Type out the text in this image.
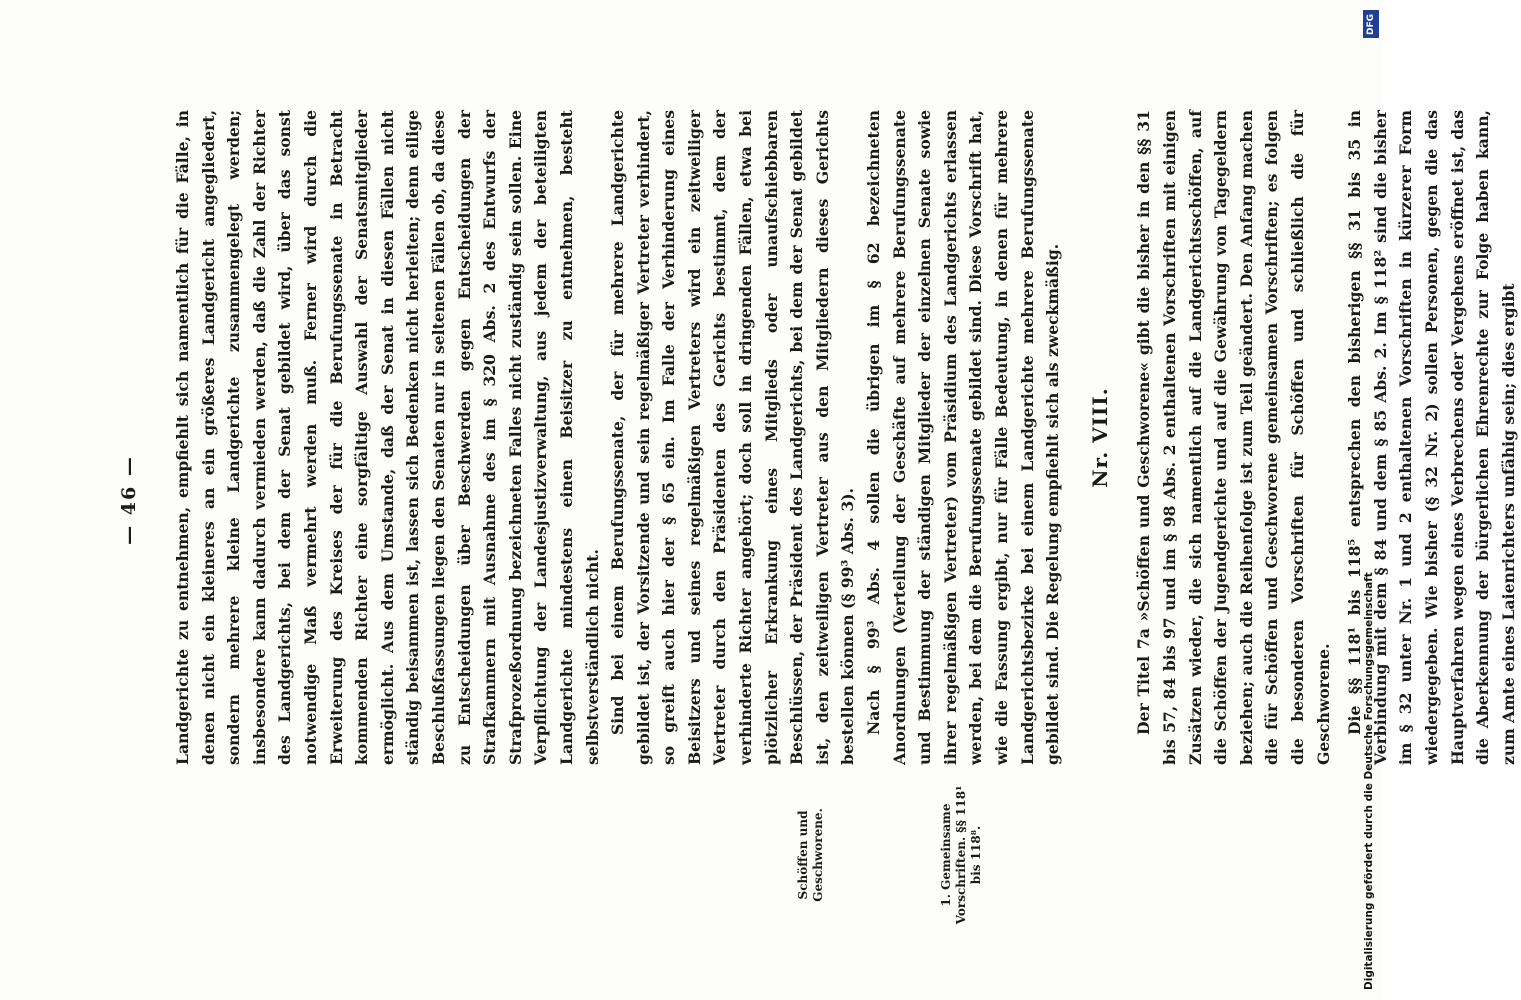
— 46 —
Schöffen und Geschworene.	1. Gemeinsame Vorschriften. §§ 118¹ bis 118⁸.

Landgerichte zu entnehmen, empfiehlt sich namentlich für die Fälle, in denen nicht ein kleineres an ein größeres Landgericht angegliedert, sondern mehrere kleine Landgerichte zusammengelegt werden; insbesondere kann dadurch vermieden werden, daß die Zahl der Richter des Landgerichts, bei dem der Senat gebildet wird, über das sonst notwendige Maß vermehrt werden muß. Ferner wird durch die Erweiterung des Kreises der für die Berufungssenate in Betracht kommenden Richter eine sorgfältige Auswahl der Senatsmitglieder ermöglicht. Aus dem Umstande, daß der Senat in diesen Fällen nicht ständig beisammen ist, lassen sich Bedenken nicht herleiten; denn eilige Beschlußfassungen liegen den Senaten nur in seltenen Fällen ob, da diese zu Entscheidungen über Beschwerden gegen Entscheidungen der Strafkammern mit Ausnahme des im § 320 Abs. 2 des Entwurfs der Strafprozeßordnung bezeichneten Falles nicht zuständig sein sollen. Eine Verpflichtung der Landesjustizverwaltung, aus jedem der beteiligten Landgerichte mindestens einen Beisitzer zu entnehmen, besteht selbstverständlich nicht. Sind bei einem Berufungssenate, der für mehrere Landgerichte gebildet ist, der Vorsitzende und sein regelmäßiger Vertreter verhindert, so greift auch hier der § 65 ein. Im Falle der Verhinderung eines Beisitzers und seines regelmäßigen Vertreters wird ein zeitweiliger Vertreter durch den Präsidenten des Gerichts bestimmt, dem der verhinderte Richter angehört; doch soll in dringenden Fällen, etwa bei plötzlicher Erkrankung eines Mitglieds oder unaufschiebbaren Beschlüssen, der Präsident des Landgerichts, bei dem der Senat gebildet ist, den zeitweiligen Vertreter aus den Mitgliedern dieses Gerichts bestellen können (§ 99³ Abs. 3). Nach § 99³ Abs. 4 sollen die übrigen im § 62 bezeichneten Anordnungen (Verteilung der Geschäfte auf mehrere Berufungssenate und Bestimmung der ständigen Mitglieder der einzelnen Senate sowie ihrer regelmäßigen Vertreter) vom Präsidium des Landgerichts erlassen werden, bei dem die Berufungssenate gebildet sind. Diese Vorschrift hat, wie die Fassung ergibt, nur für Fälle Bedeutung, in denen für mehrere Landgerichtsbezirke bei einem Landgerichte mehrere Berufungssenate gebildet sind. Die Regelung empfiehlt sich als zweckmäßig. Nr. VIII. Der Titel 7a »Schöffen und Geschworene« gibt die bisher in den §§ 31 bis 57, 84 bis 97 und im § 98 Abs. 2 enthaltenen Vorschriften mit einigen Zusätzen wieder, die sich namentlich auf die Landgerichtsschöffen, auf die Schöffen der Jugendgerichte und auf die Gewährung von Tagegeldern beziehen; auch die Reihenfolge ist zum Teil geändert. Den Anfang machen die für Schöffen und Geschworene gemeinsamen Vorschriften; es folgen die besonderen Vorschriften für Schöffen und schließlich die für Geschworene. Die §§ 118¹ bis 118⁵ entsprechen den bisherigen §§ 31 bis 35 in Verbindung mit dem § 84 und dem § 85 Abs. 2. Im § 118² sind die bisher im § 32 unter Nr. 1 und 2 enthaltenen Vorschriften in kürzerer Form wiedergegeben. Wie bisher (§ 32 Nr. 2) sollen Personen, gegen die das Hauptverfahren wegen eines Verbrechens oder Vergehens eröffnet ist, das die Aberkennung der bürgerlichen Ehrenrechte zur Folge haben kann, zum Amte eines Laienrichters unfähig sein; dies ergibt

DFG
Digitalisierung gefördert durch die Deutsche Forschungsgemeinschaft
